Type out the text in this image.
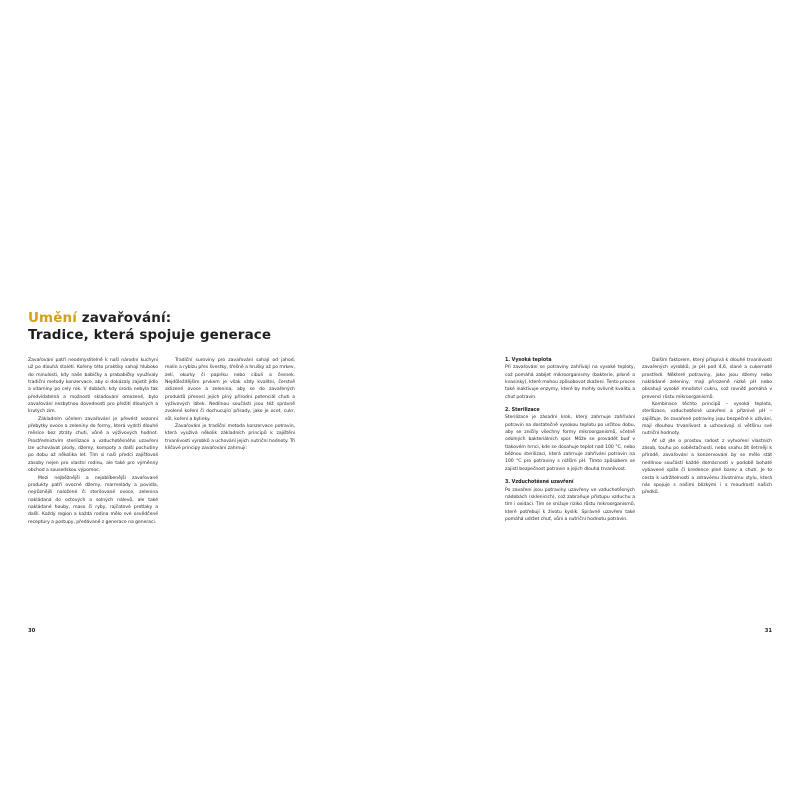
Umění zavařování:
Tradice, která spojuje generace

Zavařování patří neodmyslitelně k naší národní kuchyni už po dlouhá staletí. Kořeny této praktiky sahají hluboko do minulosti, kdy naše babičky a prababičky využívaly tradiční metody konzervace, aby si dokázaly zajistit jídlo a vitamíny po celý rok. V dobách, kdy úroda nebyla tak předvídatelná a možnosti skladování omezené, bylo zavařování nezbytnou dovedností pro přežití dlouhých a krutých zim.

Základním účelem zavařování je převést sezonní přebytky ovoce a zeleniny do formy, která vydrží dlouhé měsíce bez ztráty chuti, vůně a výživových hodnot. Prostřednictvím sterilizace a vzduchotěsného uzavření lze uchovávat plody, džemy, kompoty a další pochutiny po dobu až několika let. Tím si naši předci zajišťovali zásoby nejen pro vlastní rodinu, ale také pro výměnný obchod a sousedskou výpomoc.

Mezi nejběžnější a nejoblíbenější zavařované produkty patří ovocné džemy, marmelády a povidla, nejrůznější naložené či sterilované ovoce, zelenina nakládaná do octových a solných nálevů, ale také nakládané houby, maso či ryby, rajčatové protlaky a další. Každý region a každá rodina mělo své osvědčené receptury a postupy, předávané z generace na generaci.

Tradiční suroviny pro zavařování sahají od jahod, malin a rybízu přes švestky, třešně a hrušky až po mrkev, zelí, okurky či papriku nebo cibuli a česnek. Nejdůležitějším prvkem je však vždy kvalitní, čerstvě sklizené ovoce a zelenina, aby se do zavařených produktů přenesl jejich plný přírodní potenciál chuti a výživových látek. Nedílnou součástí jsou též správně zvolené koření či dochucující přísady, jako je ocet, cukr, sůl, koření a bylinky.

Zavařování je tradiční metoda konzervace potravin, která využívá několik základních principů k zajištění trvanlivosti výrobků a uchování jejich nutriční hodnoty. Tři klíčové principy zavařování zahrnují:

30
1. Vysoká teplota

Při zavařování se potraviny zahřívají na vysoké teploty, což pomáhá zabíjet mikroorganismy (bakterie, plísně a kvasinky), které mohou způsobovat zkažení. Tento proces také inaktivuje enzymy, které by mohly ovlivnit kvalitu a chuť potravin.

2. Sterilizace

Sterilizace je zásadní krok, který zahrnuje zahřívání potravin na dostatečně vysokou teplotu po určitou dobu, aby se zničily všechny formy mikroorganismů, včetně odolných bakteriálních spor. Může se provádět buď v tlakovém hrnci, kde se dosahuje teplot nad 100 °C, nebo běžnou sterilizací, která zahrnuje zahřívání potravin na 100 °C pro potraviny s nižším pH. Tímto způsobem se zajistí bezpečnost potravin a jejich dlouhá trvanlivost.

3. Vzduchotěsné uzavření

Po zavaření jsou potraviny uzavřeny ve vzduchotěsných nádobách (sklenicích), což zabraňuje přístupu vzduchu a tím i oxidaci. Tím se snižuje riziko růstu mikroorganismů, které potřebují k životu kyslík. Správné uzavření také pomáhá udržet chuť, vůni a nutriční hodnotu potravin.

Dalším faktorem, který přispívá k dlouhé trvanlivosti zavařených výrobků, je pH pod 4,6, slané a cukernaté prostředí. Některé potraviny, jako jsou džemy nebo nakládané zeleniny, mají přirozeně nízké pH nebo obsahují vysoké množství cukru, což rovněž pomáhá v prevenci růstu mikroorganismů.

Kombinace těchto principů – vysoká teplota, sterilizace, vzduchotěsné uzavření a příznivé pH – zajišťuje, že zavařené potraviny jsou bezpečné k užívání, mají dlouhou trvanlivost a uchovávají si většinu své nutriční hodnoty.

Ať už jde o prostou radost z vytvoření vlastních zásob, touhu po soběstačnosti, nebo snahu žít šetrněji k přírodě, zavařování a konzervování by se mělo stát nedílnou součástí každé domácnosti v podobě bohaté vybavené spíže či kredence plné barev a chutí. Je to cesta k udržitelnosti a zdravému životnímu stylu, která nás spojuje s našimi blízkými i s moudrostí našich předků.

31
